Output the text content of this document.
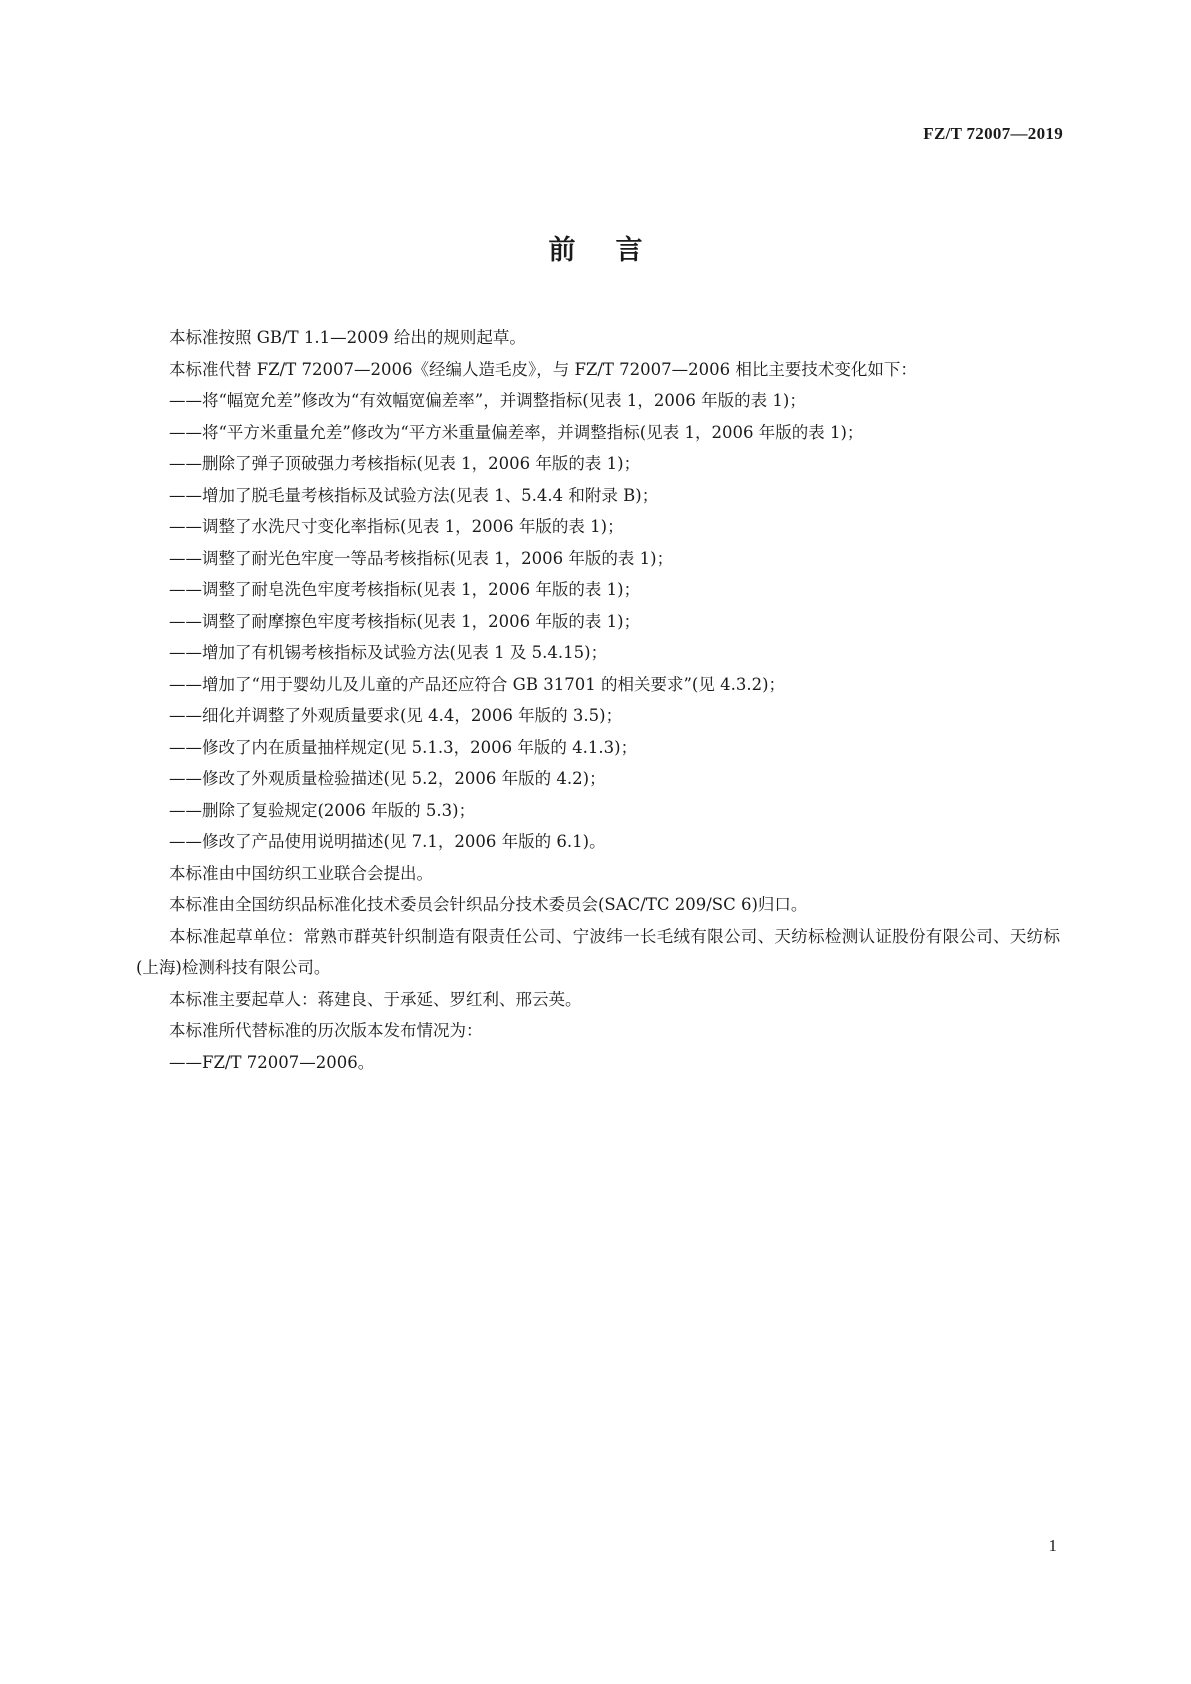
FZ/T 72007—2019
前言

本标准按照 GB/T 1.1—2009 给出的规则起草。

本标准代替 FZ/T 72007—2006《经编人造毛皮》，与 FZ/T 72007—2006 相比主要技术变化如下：

——将“幅宽允差”修改为“有效幅宽偏差率”，并调整指标(见表 1，2006 年版的表 1)；

——将“平方米重量允差”修改为“平方米重量偏差率，并调整指标(见表 1，2006 年版的表 1)；

——删除了弹子顶破强力考核指标(见表 1，2006 年版的表 1)；

——增加了脱毛量考核指标及试验方法(见表 1、5.4.4 和附录 B)；

——调整了水洗尺寸变化率指标(见表 1，2006 年版的表 1)；

——调整了耐光色牢度一等品考核指标(见表 1，2006 年版的表 1)；

——调整了耐皂洗色牢度考核指标(见表 1，2006 年版的表 1)；

——调整了耐摩擦色牢度考核指标(见表 1，2006 年版的表 1)；

——增加了有机锡考核指标及试验方法(见表 1 及 5.4.15)；

——增加了“用于婴幼儿及儿童的产品还应符合 GB 31701 的相关要求”(见 4.3.2)；

——细化并调整了外观质量要求(见 4.4，2006 年版的 3.5)；

——修改了内在质量抽样规定(见 5.1.3，2006 年版的 4.1.3)；

——修改了外观质量检验描述(见 5.2，2006 年版的 4.2)；

——删除了复验规定(2006 年版的 5.3)；

——修改了产品使用说明描述(见 7.1，2006 年版的 6.1)。

本标准由中国纺织工业联合会提出。

本标准由全国纺织品标准化技术委员会针织品分技术委员会(SAC/TC 209/SC 6)归口。

本标准起草单位：常熟市群英针织制造有限责任公司、宁波纬一长毛绒有限公司、天纺标检测认证股份有限公司、天纺标(上海)检测科技有限公司。

本标准主要起草人：蒋建良、于承延、罗红利、邢云英。

本标准所代替标准的历次版本发布情况为：

——FZ/T 72007—2006。

1
